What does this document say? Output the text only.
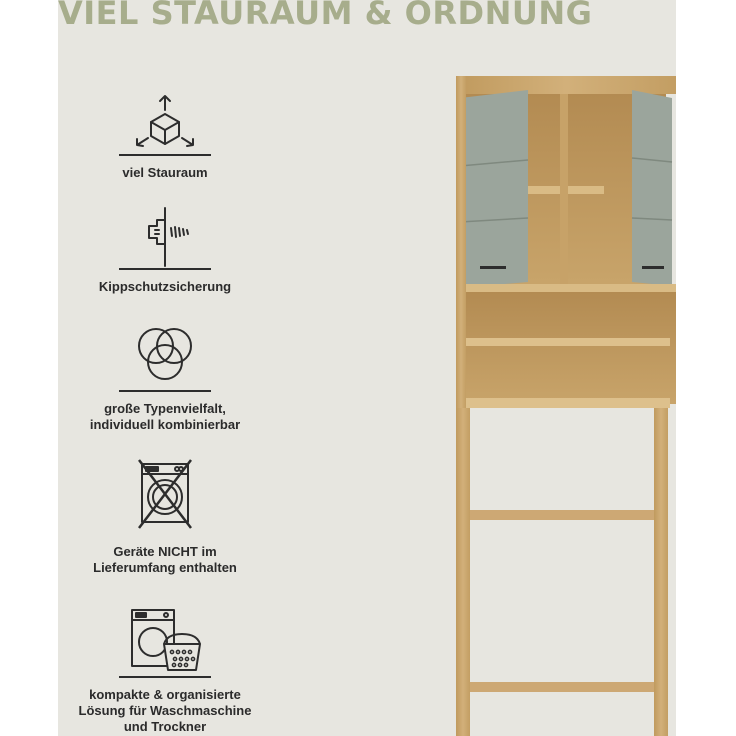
VIEL STAURAUM & ORDNUNG
viel Stauraum
Kippschutzsicherung
große Typenvielfalt,
individuell kombinierbar
Geräte NICHT im
Lieferumfang enthalten
kompakte & organisierte
Lösung für Waschmaschine
und Trockner
